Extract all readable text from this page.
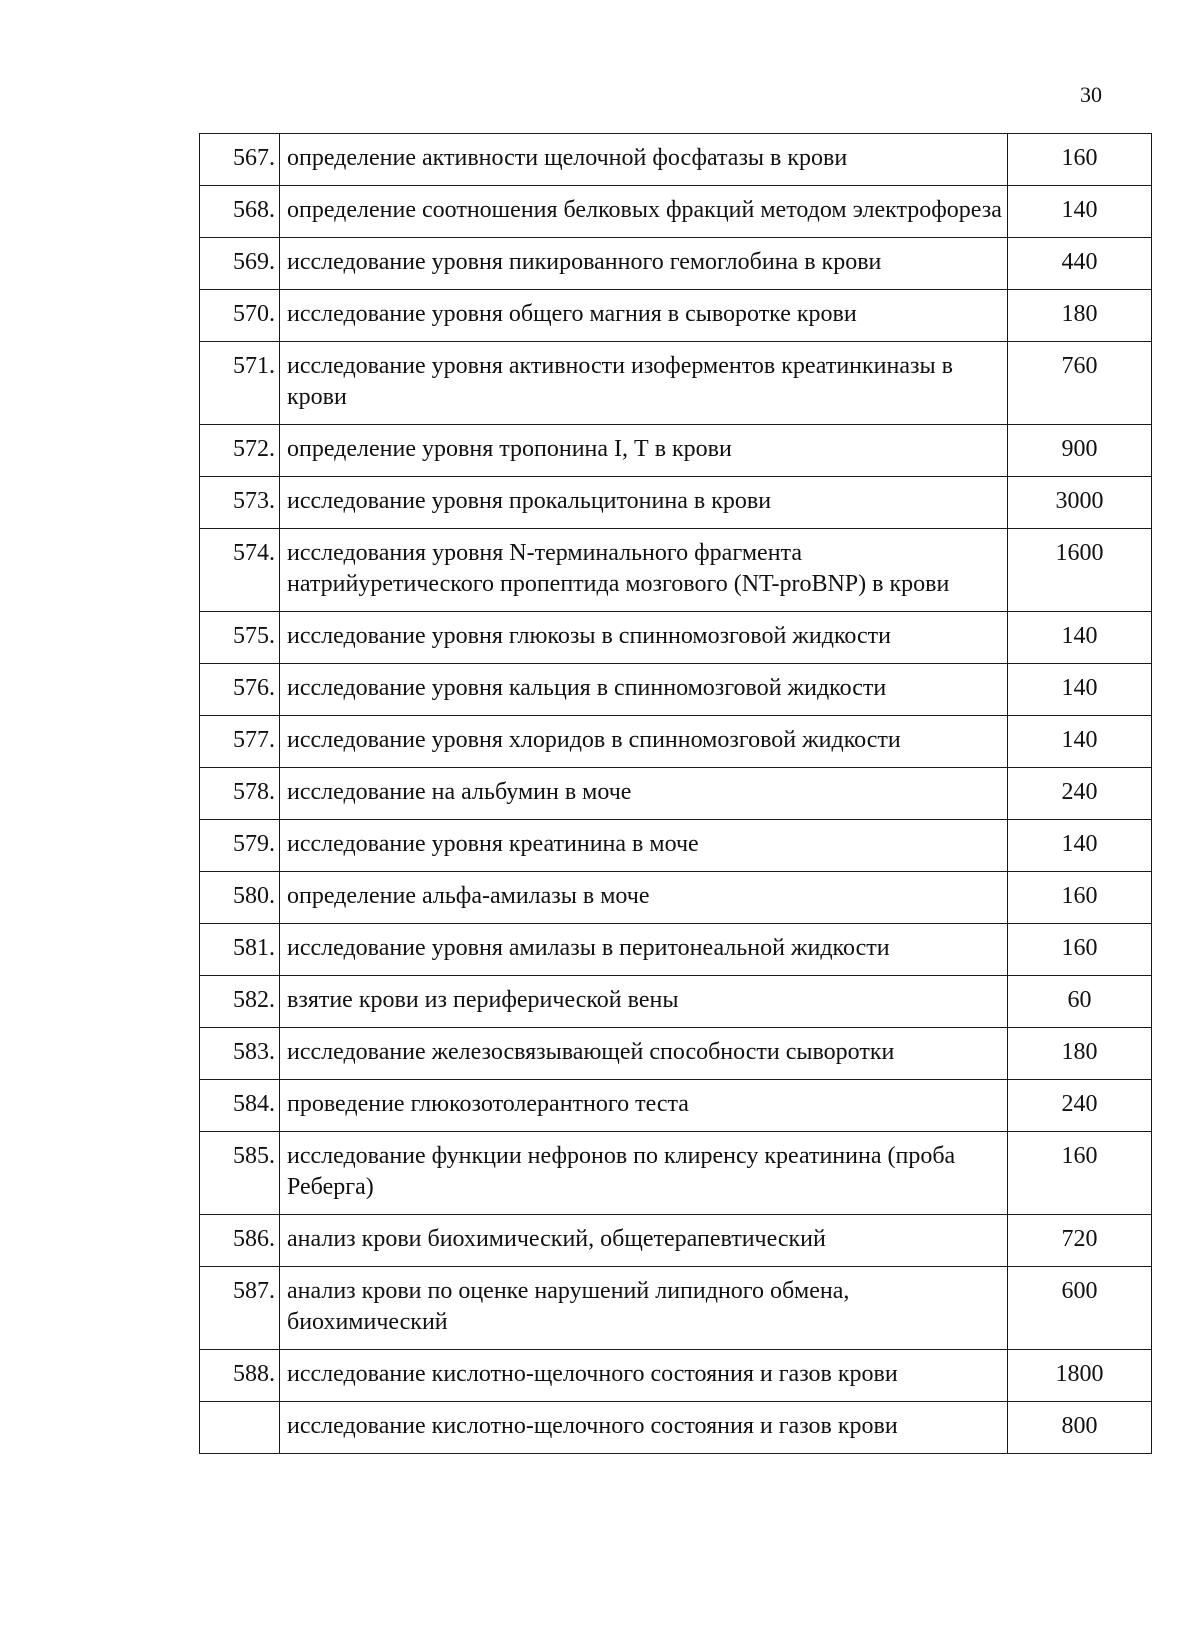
30
567.	определение активности щелочной фосфатазы в крови	160
568.	определение соотношения белковых фракций методом электрофореза	140
569.	исследование уровня пикированного гемоглобина в крови	440
570.	исследование уровня общего магния в сыворотке крови	180
571.	исследование уровня активности изоферментов креатинкиназы в крови	760
572.	определение уровня тропонина I, Т в крови	900
573.	исследование уровня прокальцитонина в крови	3000
574.	исследования уровня N-терминального фрагмента натрийуретического пропептида мозгового (NT-proBNP) в крови	1600
575.	исследование уровня глюкозы в спинномозговой жидкости	140
576.	исследование уровня кальция в спинномозговой жидкости	140
577.	исследование уровня хлоридов в спинномозговой жидкости	140
578.	исследование на альбумин в моче	240
579.	исследование уровня креатинина в моче	140
580.	определение альфа-амилазы в моче	160
581.	исследование уровня амилазы в перитонеальной жидкости	160
582.	взятие крови из периферической вены	60
583.	исследование железосвязывающей способности сыворотки	180
584.	проведение глюкозотолерантного теста	240
585.	исследование функции нефронов по клиренсу креатинина (проба Реберга)	160
586.	анализ крови биохимический, общетерапевтический	720
587.	анализ крови по оценке нарушений липидного обмена, биохимический	600
588.	исследование кислотно-щелочного состояния и газов крови	1800
	исследование кислотно-щелочного состояния и газов крови	800
